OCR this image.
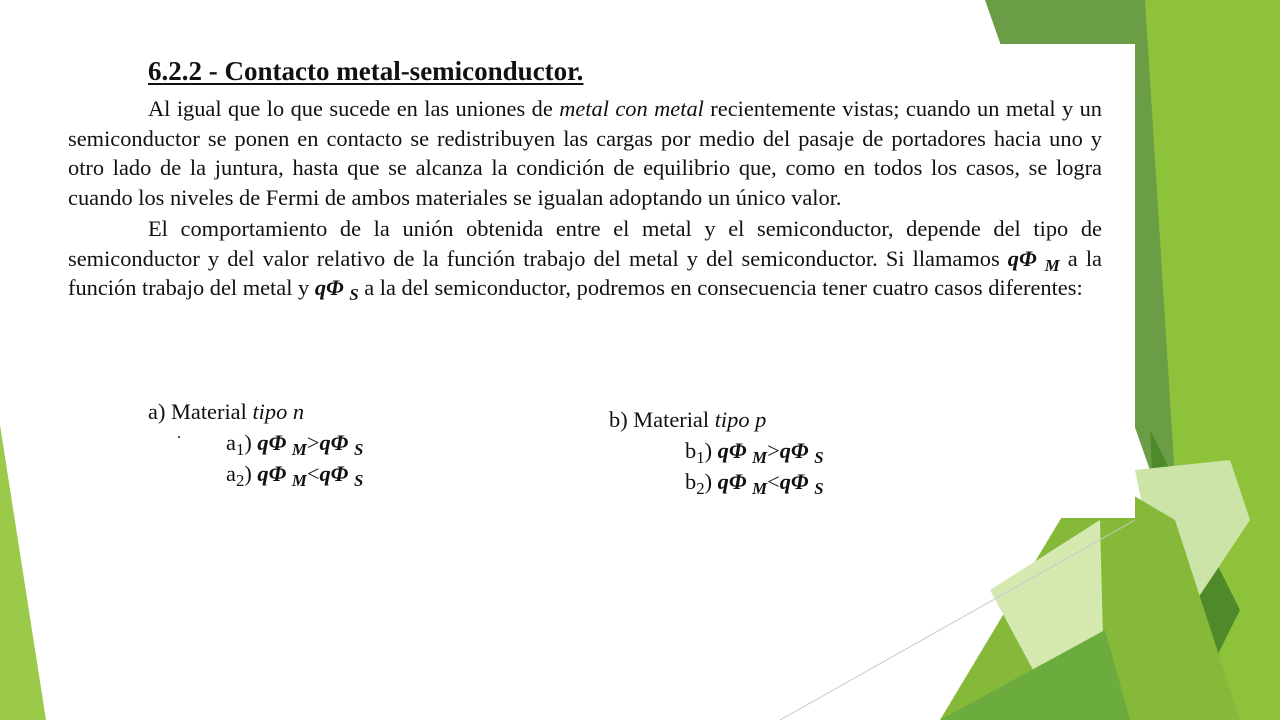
6.2.2 - Contacto metal-semiconductor.

Al igual que lo que sucede en las uniones de metal con metal recientemente vistas; cuando un metal y un semiconductor se ponen en contacto se redistribuyen las cargas por medio del pasaje de portadores hacia uno y otro lado de la juntura, hasta que se alcanza la condición de equilibrio que, como en todos los casos, se logra cuando los niveles de Fermi de ambos materiales se igualan adoptando un único valor.

El comportamiento de la unión obtenida entre el metal y el semiconductor, depende del tipo de semiconductor y del valor relativo de la función trabajo del metal y del semiconductor. Si llamamos qΦ $_M$ a la función trabajo del metal y qΦ $_S$ a la del semiconductor, podremos en consecuencia tener cuatro casos diferentes:

a) Material tipo n
$a_1$) qΦ $_M$>qΦ $_S$
$a_2$) qΦ $_M$<qΦ $_S$
b) Material tipo p
$b_1$) qΦ $_M$>qΦ $_S$
$b_2$) qΦ $_M$<qΦ $_S$
